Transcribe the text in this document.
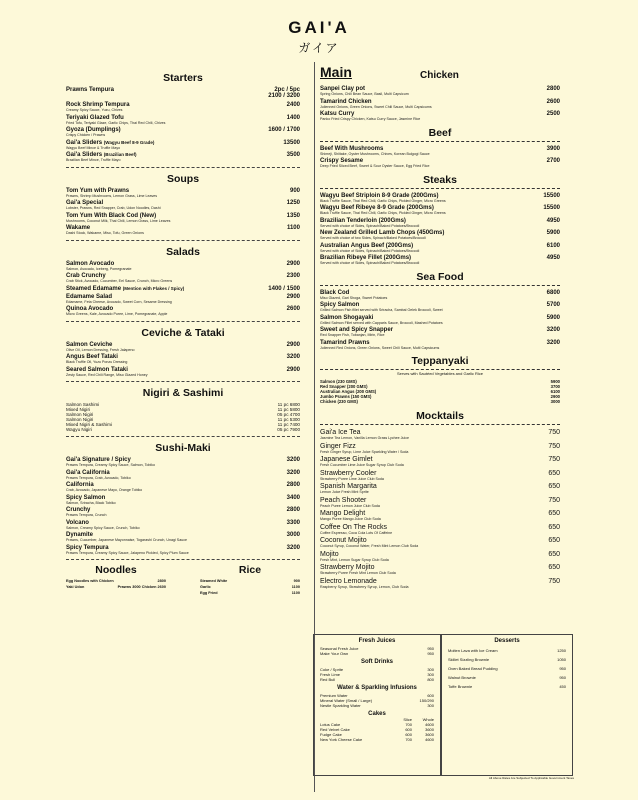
GAI'A
ガイア
Starters
Prawns Tempura	2pc / 5pc
2100 / 3200
Rock Shrimp Tempura	2400
Creamy Spicy Sauce, Yuzu, Chives
Teriyaki Glazed Tofu	1400
Fried Tofu, Teriyaki Glaze, Garlic Chips, Thai Red Chili, Chives
Gyoza (Dumplings)	1600 / 1700
Crispy Chicken / Prawns
Gai'a Sliders (Wagyu Beef 8-9 Grade)	13500
Wagyu Beef Mince & Truffle Mayo
Gai'a Sliders (Brazilian Beef)	3500
Brazilian Beef Mince, Truffle Mayo
Soups
Tom Yum with Prawns	900
Prawns, Shrimp Mushrooms, Lemon Grass, Lime Leaves
Gai'a Special	1250
Lobster, Prawns, Red Snapper, Crab, Udon Noodles, Dashi
Tom Yum With Black Cod (New)	1350
Mushrooms, Coconut Milk, Thai Chili, Lemon Grass, Lime Leaves
Wakame	1100
Dashi Stock, Wakame, Miso, Tofu, Green Onions
Salads
Salmon Avocado	2900
Salmon, Avocado, Iceberg, Pomegranate
Crab Crunchy	2300
Crab Stick, Avocado, Cucumber, Eel Sauce, Crunch, Micro Greens
Steamed Edamame (Mention with Flakes / Spicy)	1400 / 1500
Edamame Salad	2900
Edamame, Feta Cheese, Avocado, Sweet Corn, Sesame Dressing
Quinoa Avocado	2600
Micro Greens, Kale, Avocado Puree, Lime, Pomegranate, Apple
Ceviche & Tataki
Salmon Ceviche	2900
Olive Oil, Lemon Dressing, Fresh Jalapeno
Angus Beef Tataki	3200
Black Truffle Oil, Yuzu Ponzu Dressing
Seared Salmon Tataki	2900
Zesty Sauce, Red Chili Range, Miso Glazed Honey
Nigiri & Sashimi
Salmon Sashimi	11 pc 6800
Mixed Nigiri	11 pc 5800
Salmon Nigiri	05 pc 4700
Salmon Nigiri	11 pc 5300
Mixed Nigiri & Sashimi	11 pc 7400
Wagyu Nigiri	05 pc 7900
Sushi-Maki
Gai'a Signature / Spicy	3200
Prawns Tempura, Creamy Spicy Sauce, Salmon, Tobiko
Gai'a California	3200
Prawns Tempura, Crab, Avocado, Tobiko
California	2800
Crab, Avocado, Japanese Mayo, Orange Tobiko
Spicy Salmon	3400
Salmon, Sriracha, Black Tobiko
Crunchy	2800
Prawns Tempura, Crunch
Volcano	3300
Salmon, Creamy Spicy Sauce, Crunch, Tobiko
Dynamite	3000
Prawns, Cucumber, Japanese Mayonnaise, Togarashi Crunch, Unagi Sauce
Spicy Tempura	3200
Prawns Tempura, Creamy Spicy Sauce, Jalapeno Pickled, Spicy Plum Sauce
Noodles
Egg Noodles with Chicken	2800
Yaki Udon	Prawns 3000 Chicken 2600
Rice
Steamed White	900
Garlic	1100
Egg Fried	1100
Main	Chicken
Sanpei Clay pot	2800
Spring Onions, Chili Bean Sauce, Basil, Multi Capsicum
Tamarind Chicken	2600
Julienned Onions, Green Onions, Sweet Chili Sauce, Multi Capsicums
Katsu Curry	2500
Panko Fried Crispy Chicken, Katsu Curry Sauce, Jasmine Rice
Beef
Beef With Mushrooms	3900
Shimeji, Shiitake, Oyster Mushrooms, Chives, Korean Bulgogi Sauce
Crispy Sesame	2700
Deep Fried Sliced Beef, Sweet & Sour Oyster Sauce, Egg Fried Rice
Steaks
Wagyu Beef Striploin 8-9 Grade (200Gms)	15500
Black Truffle Sauce, Thai Red Chili, Garlic Chips, Pickled Ginger, Micro Greens
Wagyu Beef Ribeye 8-9 Grade (200Gms)	15500
Black Truffle Sauce, Thai Red Chili, Garlic Chips, Pickled Ginger, Micro Greens
Brazilian Tenderloin (200Gms)	4950
Served with choice of Sides, Spinach/Baked Potatoes/Broccoli
New Zealand Grilled Lamb Chops (450Gms)	5900
Served with choice of two Sides, Spinach/Baked Potatoes/Broccoli
Australian Angus Beef (200Gms)	6100
Served with choice of Sides, Spinach/Baked Potatoes/Broccoli
Brazilian Ribeye Fillet (200Gms)	4950
Served with choice of Sides, Spinach/Baked Potatoes/Broccoli
Sea Food
Black Cod	6800
Miso Glazed, Gari Shoga, Sweet Potatoes
Spicy Salmon	5700
Grilled Salmon Fish fillet served with Sriracha, Sambal Oelek Broccoli, Sweet
Salmon Shogayaki	5900
Grilled Salmon Fillet served with Capparis Sauce, Broccoli, Mashed Potatoes
Sweet and Spicy Snapper	3200
Red Snapper Fish, Tobanjan, Mirin, Rice
Tamarind Prawns	3200
Julienned Red Onions, Green Onions, Sweet Chili Sauce, Multi Capsicums
Teppanyaki
Serves with Sautéed Vegetables and Garlic Rice
Salmon (230 GMS)	5900
Red Snapper (200 GMS)	3700
Australian Angus (200 GMS)	6100
Jumbo Prawns (150 GMS)	2900
Chicken (230 GMS)	3000
Mocktails
Gai'a Ice Tea	750
Jasmine Tea Lemon, Vanilla Lemon Grass Lychee Juice
Ginger Fizz	750
Fresh Ginger Syrup, Lime Juice Sparkling Water / Soda
Japanese Gimlet	750
Fresh Cucumber Lime Juice Sugar Syrup Club Soda
Strawberry Cooler	650
Strawberry Puree Lime Juice Club Soda
Spanish Margarita	650
Lemon Juice Fresh Mint Sprite
Peach Shooter	750
Peach Puree Lemon Juice Club Soda
Mango Delight	650
Mango Puree Mango Juice Club Soda
Coffee On The Rocks	650
Coffee Espresso, Coca Cola Lots Of Caffeine
Coconut Mojito	650
Coconut Syrup, Coconut Water, Fresh Mint Lemon Club Soda
Mojito	650
Fresh Mint, Lemon Sugar Syrup Club Soda
Strawberry Mojito	650
Strawberry Puree Fresh Mint Lemon Club Soda
Electro Lemonade	750
Raspberry Syrup, Strawberry Syrup, Lemon, Club Soda
Fresh Juices
Seasonal Fresh Juice	950
Make Your Own	950
Soft Drinks
Coke / Sprite	300
Fresh Lime	300
Red Bull	800
Water & Sparkling Infusions
Premium Water	600
Mineral Water (Small / Large)	150/290
Nestle Sparkling Water	300
Cakes
Slice	Whole
Lotus Cake	700	4600
Red Velvet Cake	600	3600
Fudge Cake	600	3600
New York Cheese Cake	700	4600
Desserts
Molten Lava with Ice Cream	1250
Skillet Sizzling Brownie	1050
Oven Baked Bread Pudding	950
Walnut Brownie	950
Toffe Brownie	450
All Above Rates Are Subjected To Applicable Government Taxes
